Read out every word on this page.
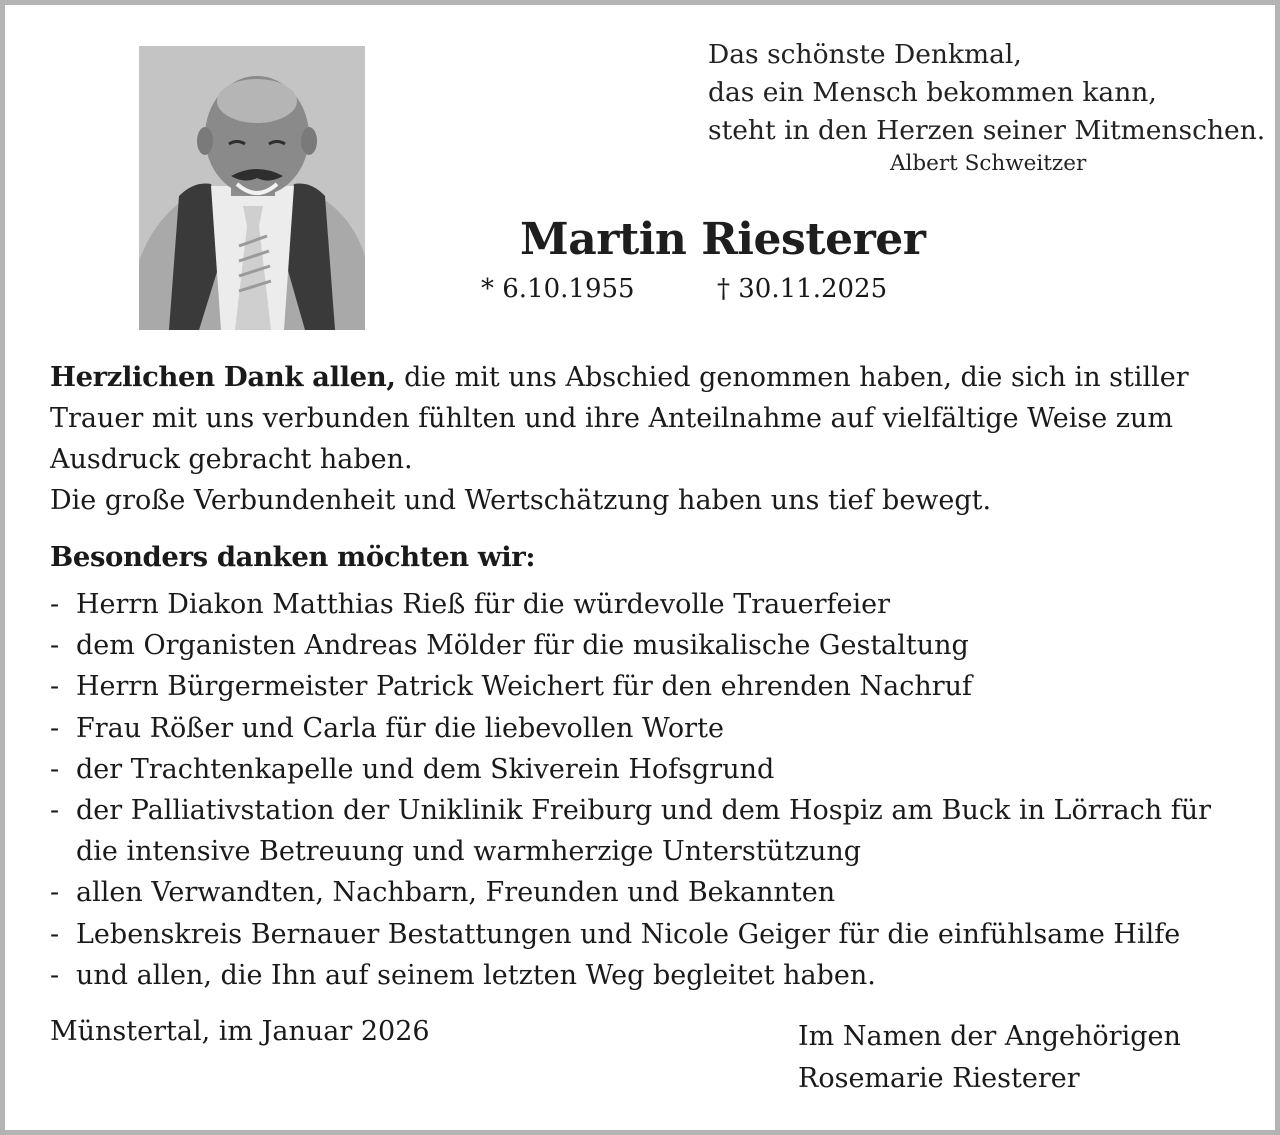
Das schönste Denkmal,
das ein Mensch bekommen kann,
steht in den Herzen seiner Mitmenschen.
Albert Schweitzer
Martin Riesterer
* 6.10.1955	† 30.11.2025

Herzlichen Dank allen, die mit uns Abschied genommen haben, die sich in stiller Trauer mit uns verbunden fühlten und ihre Anteilnahme auf vielfältige Weise zum Ausdruck gebracht haben.

Die große Verbundenheit und Wertschätzung haben uns tief bewegt.

Besonders danken möchten wir:
- Herrn Diakon Matthias Rieß für die würdevolle Trauerfeier
- dem Organisten Andreas Mölder für die musikalische Gestaltung
- Herrn Bürgermeister Patrick Weichert für den ehrenden Nachruf
- Frau Rößer und Carla für die liebevollen Worte
- der Trachtenkapelle und dem Skiverein Hofsgrund
- der Palliativstation der Uniklinik Freiburg und dem Hospiz am Buck in Lörrach für die intensive Betreuung und warmherzige Unterstützung
- allen Verwandten, Nachbarn, Freunden und Bekannten
- Lebenskreis Bernauer Bestattungen und Nicole Geiger für die einfühlsame Hilfe
- und allen, die Ihn auf seinem letzten Weg begleitet haben.
Münstertal, im Januar 2026	Im Namen der Angehörigen
Rosemarie Riesterer
